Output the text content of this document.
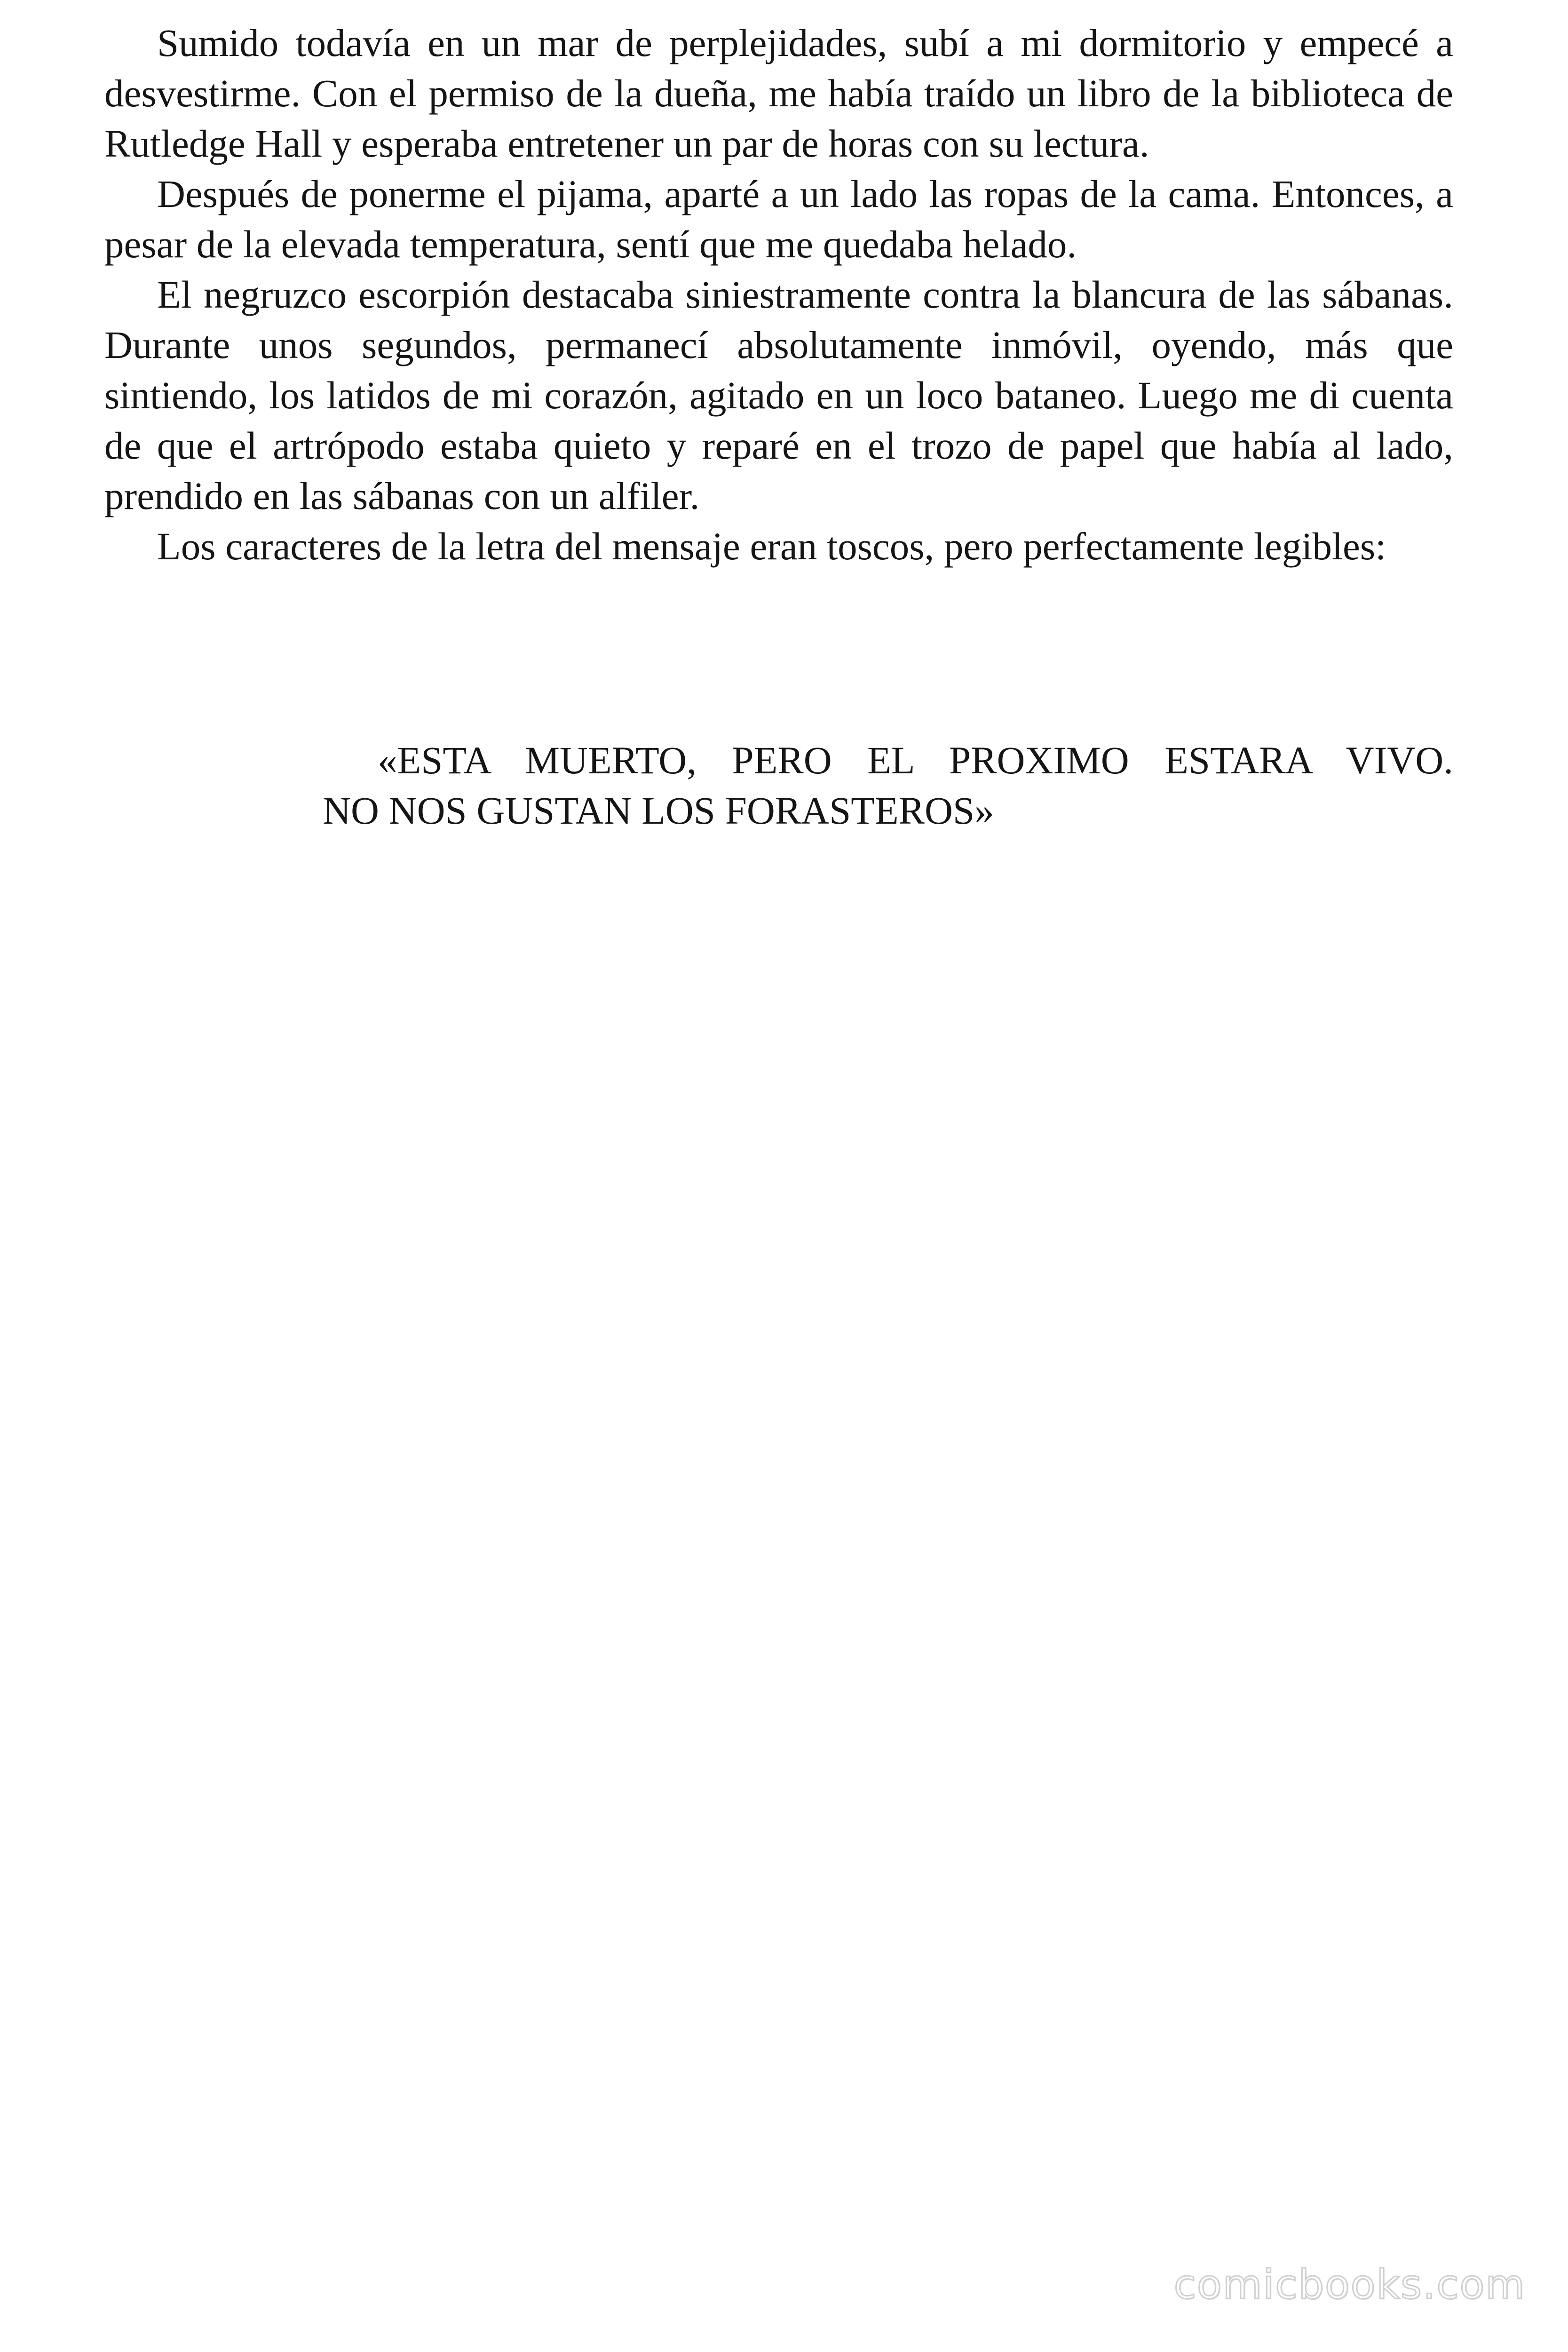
Sumido todavía en un mar de perplejidades, subí a mi dormitorio y empecé a desvestirme. Con el permiso de la dueña, me había traído un libro de la biblioteca de Rutledge Hall y esperaba entretener un par de horas con su lectura.

Después de ponerme el pijama, aparté a un lado las ropas de la cama. Entonces, a pesar de la elevada temperatura, sentí que me quedaba helado.

El negruzco escorpión destacaba siniestramente contra la blancura de las sábanas. Durante unos segundos, permanecí absolutamente inmóvil, oyendo, más que sintiendo, los latidos de mi corazón, agitado en un loco bataneo. Luego me di cuenta de que el artrópodo estaba quieto y reparé en el trozo de papel que había al lado, prendido en las sábanas con un alfiler.

Los caracteres de la letra del mensaje eran toscos, pero perfectamente legibles:

«ESTA MUERTO, PERO EL PROXIMO ESTARA VIVO.
NO NOS GUSTAN LOS FORASTEROS»
comicbooks.com
